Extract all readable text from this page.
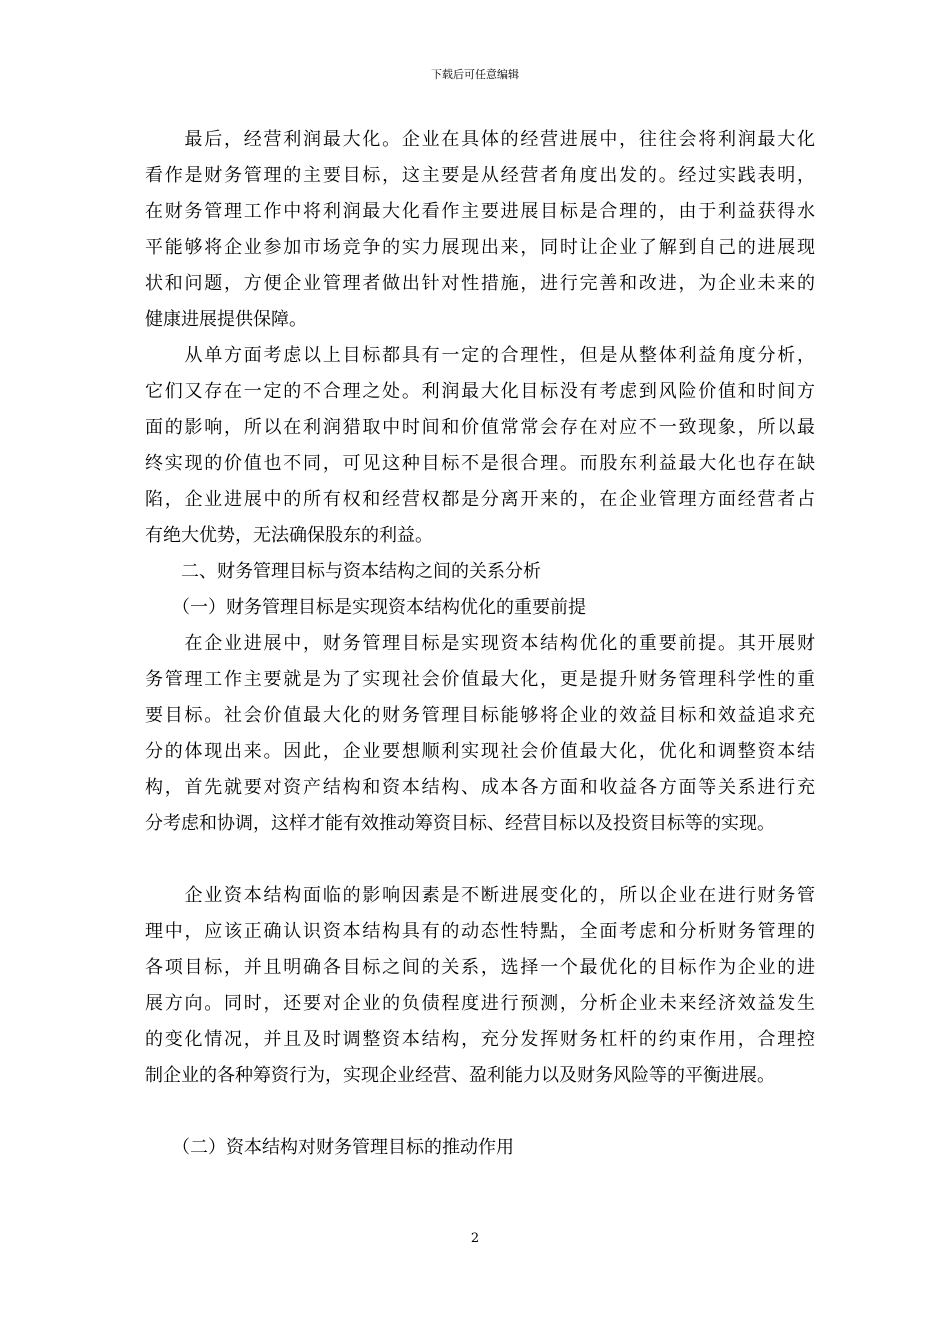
下载后可任意编辑
　　最后，经营利润最大化。企业在具体的经营进展中，往往会将利润最大化
看作是财务管理的主要目标，这主要是从经营者角度出发的。经过实践表明，
在财务管理工作中将利润最大化看作主要进展目标是合理的，由于利益获得水
平能够将企业参加市场竞争的实力展现出来，同时让企业了解到自己的进展现
状和问题，方便企业管理者做出针对性措施，进行完善和改进，为企业未来的
健康进展提供保障。
　　从单方面考虑以上目标都具有一定的合理性，但是从整体利益角度分析，
它们又存在一定的不合理之处。利润最大化目标没有考虑到风险价值和时间方
面的影响，所以在利润猎取中时间和价值常常会存在对应不一致现象，所以最
终实现的价值也不同，可见这种目标不是很合理。而股东利益最大化也存在缺
陷，企业进展中的所有权和经营权都是分离开来的，在企业管理方面经营者占
有绝大优势，无法确保股东的利益。
　　二、财务管理目标与资本结构之间的关系分析
　　（一）财务管理目标是实现资本结构优化的重要前提
　　在企业进展中，财务管理目标是实现资本结构优化的重要前提。其开展财
务管理工作主要就是为了实现社会价值最大化，更是提升财务管理科学性的重
要目标。社会价值最大化的财务管理目标能够将企业的效益目标和效益追求充
分的体现出来。因此，企业要想顺利实现社会价值最大化，优化和调整资本结
构，首先就要对资产结构和资本结构、成本各方面和收益各方面等关系进行充
分考虑和协调，这样才能有效推动筹资目标、经营目标以及投资目标等的实现。
　　企业资本结构面临的影响因素是不断进展变化的，所以企业在进行财务管
理中，应该正确认识资本结构具有的动态性特點，全面考虑和分析财务管理的
各项目标，并且明确各目标之间的关系，选择一个最优化的目标作为企业的进
展方向。同时，还要对企业的负债程度进行预测，分析企业未来经济效益发生
的变化情况，并且及时调整资本结构，充分发挥财务杠杆的约束作用，合理控
制企业的各种筹资行为，实现企业经营、盈利能力以及财务风险等的平衡进展。
　　（二）资本结构对财务管理目标的推动作用
2
